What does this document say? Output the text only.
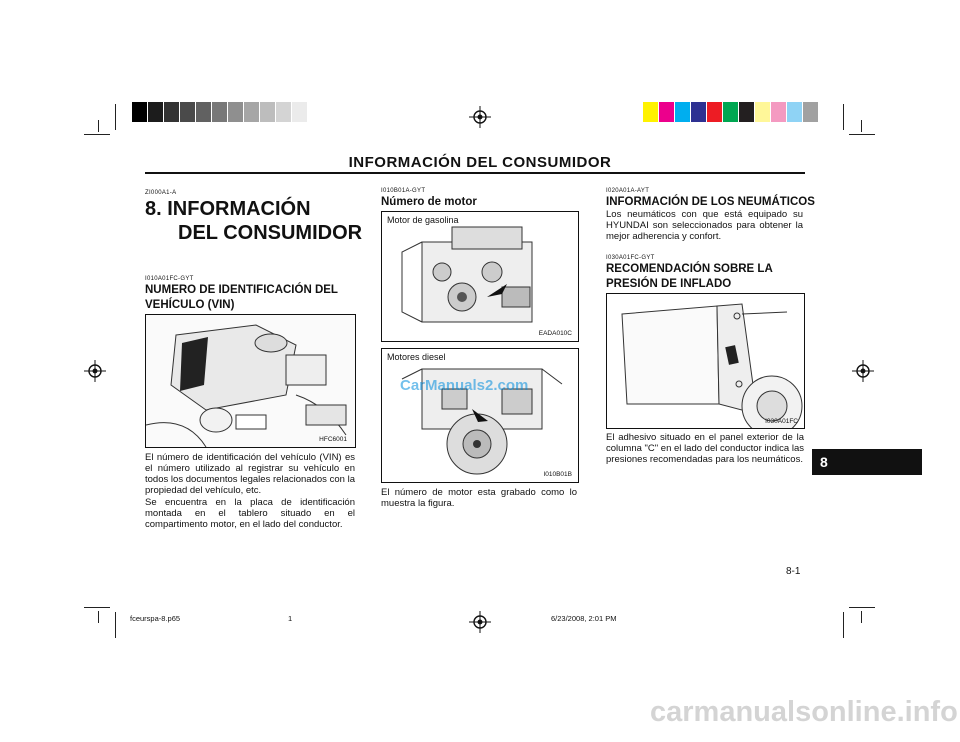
INFORMACIÓN DEL CONSUMIDOR
ZI000A1-A
8. INFORMACIÓN
DEL CONSUMIDOR
I010A01FC-GYT
NUMERO DE IDENTIFICACIÓN DEL VEHÍCULO (VIN)
HFC6001
El número de identificación del vehículo (VIN) es el número utilizado al registrar su vehículo en todos los documentos legales relacionados con la propiedad del vehículo, etc.
Se encuentra en la placa de identificación montada en el tablero situado en el compartimento motor, en el lado del conductor.
I010B01A-GYT
Número de motor
Motor de gasolina
EADA010C
Motores diesel
CarManuals2.com
I010B01B
El número de motor esta grabado como lo muestra la figura.
I020A01A-AYT
INFORMACIÓN DE LOS NEUMÁTICOS
Los neumáticos con que está equipado su HYUNDAI son seleccionados para obtener la mejor adherencia y confort.
I030A01FC-GYT
RECOMENDACIÓN SOBRE LA
PRESIÓN DE INFLADO
I030A01FC
El adhesivo situado en el panel exterior de la columna "C" en el lado del conductor indica las presiones recomendadas para los neumáticos.	8
8-1
fceurspa-8.p65	1	6/23/2008, 2:01 PM
carmanualsonline.info
